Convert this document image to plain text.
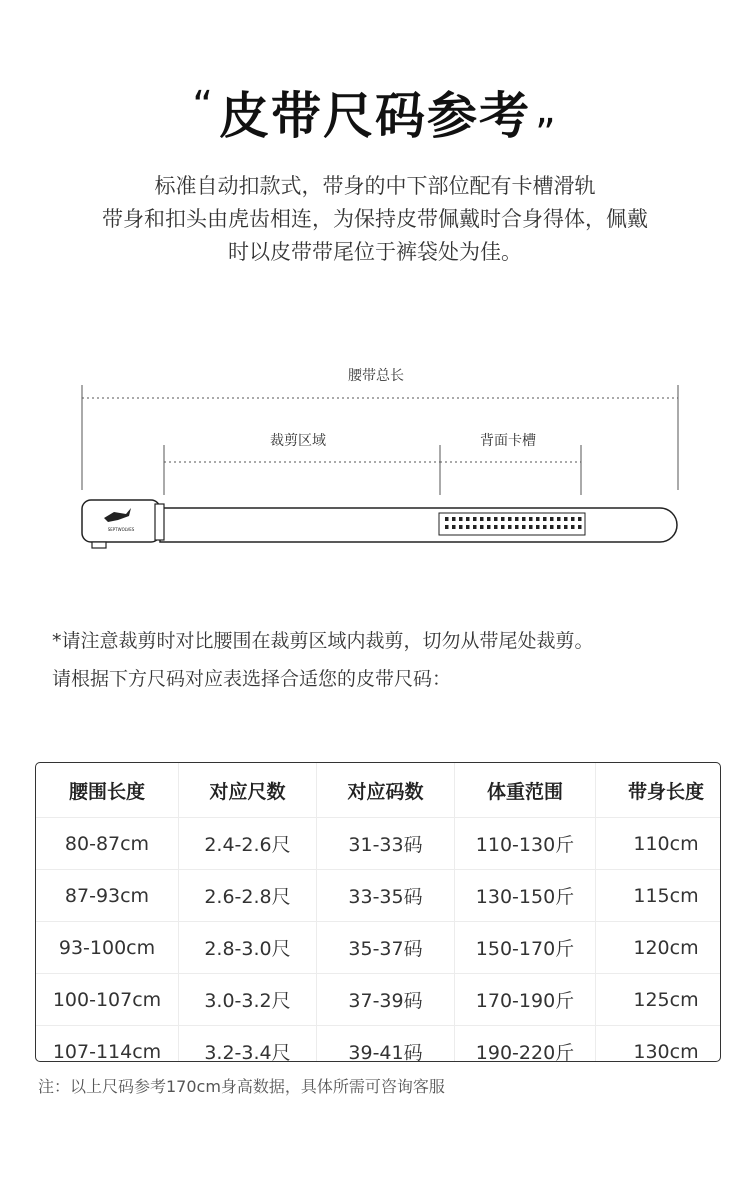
“皮带尺码参考 $_”$
标准自动扣款式，带身的中下部位配有卡槽滑轨
带身和扣头由虎齿相连，为保持皮带佩戴时合身得体，佩戴
时以皮带带尾位于裤袋处为佳。
腰带总长
裁剪区域	背面卡槽
SEPTWOLVES
*请注意裁剪时对比腰围在裁剪区域内裁剪，切勿从带尾处裁剪。
请根据下方尺码对应表选择合适您的皮带尺码：
腰围长度	对应尺数	对应码数	体重范围	带身长度
80-87cm	2.4-2.6尺	31-33码	110-130斤	110cm
87-93cm	2.6-2.8尺	33-35码	130-150斤	115cm
93-100cm	2.8-3.0尺	35-37码	150-170斤	120cm
100-107cm	3.0-3.2尺	37-39码	170-190斤	125cm
107-114cm	3.2-3.4尺	39-41码	190-220斤	130cm
注：以上尺码参考170cm身高数据，具体所需可咨询客服
